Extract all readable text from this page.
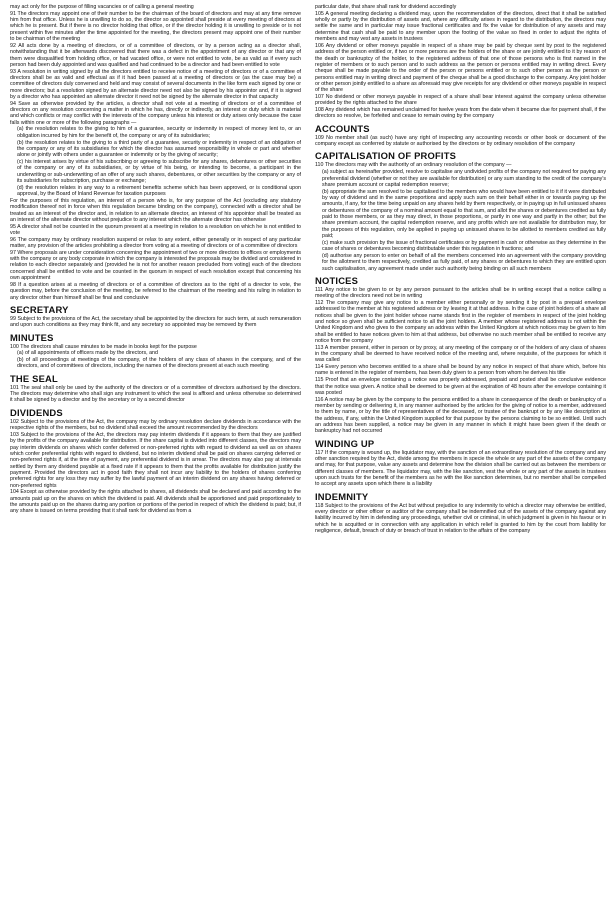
may act only for the purpose of filling vacancies or of calling a general meeting

91 The directors may appoint one of their number to be the chairman of the board of directors and may at any time remove him from that office. Unless he is unwilling to do so, the director so appointed shall preside at every meeting of directors at which he is present. But if there is no director holding that office, or if the director holding it is unwilling to preside or is not present within five minutes after the time appointed for the meeting, the directors present may appoint one of their number to be chairman of the meeting

92 All acts done by a meeting of directors, or of a committee of directors, or by a person acting as a director shall, notwithstanding that it be afterwards discovered that there was a defect in the appointment of any director or that any of them were disqualified from holding office, or had vacated office, or were not entitled to vote, be as valid as if every such person had been duly appointed and was qualified and had continued to be a director and had been entitled to vote

93 A resolution in writing signed by all the directors entitled to receive notice of a meeting of directors or of a committee of directors shall be as valid and effectual as if it had been passed at a meeting of directors or (as the case may be) a committee of directors duly convened and held and may consist of several documents in the like form each signed by one or more directors; but a resolution signed by an alternate director need not also be signed by his appointor and, if it is signed by a director who has appointed an alternate director it need not be signed by the alternate director in that capacity

94 Save as otherwise provided by the articles, a director shall not vote at a meeting of directors or of a committee of directors on any resolution concerning a matter in which he has, directly or indirectly, an interest or duty which is material and which conflicts or may conflict with the interests of the company unless his interest or duty arises only because the case falls within one or more of the following paragraphs —

(a) the resolution relates to the giving to him of a guarantee, security or indemnity in respect of money lent to, or an obligation incurred by him for the benefit of, the company or any of its subsidiaries;

(b) the resolution relates to the giving to a third party of a guarantee, security or indemnity in respect of an obligation of the company or any of its subsidiaries for which the director has assumed responsibility in whole or part and whether alone or jointly with others under a guarantee or indemnity or by the giving of security;

(c) his interest arises by virtue of his subscribing or agreeing to subscribe for any shares, debentures or other securities of the company or any of its subsidiaries, or by virtue of his being, or intending to become, a participant in the underwriting or sub-underwriting of an offer of any such shares, debentures, or other securities by the company or any of its subsidiaries for subscription, purchase or exchange;

(d) the resolution relates in any way to a retirement benefits scheme which has been approved, or is conditional upon approval, by the Board of Inland Revenue for taxation purposes

For the purposes of this regulation, an interest of a person who is, for any purpose of the Act (excluding any statutory modification thereof not in force when this regulation became binding on the company), connected with a director shall be treated as an interest of the director and, in relation to an alternate director, an interest of his appointor shall be treated as an interest of the alternate director without prejudice to any interest which the alternate director has otherwise

95 A director shall not be counted in the quorum present at a meeting in relation to a resolution on which he is not entitled to vote

96 The company may by ordinary resolution suspend or relax to any extent, either generally or in respect of any particular matter, any provision of the articles prohibiting a director from voting at a meeting of directors or of a committee of directors

97 Where proposals are under consideration concerning the appointment of two or more directors to offices or employments with the company or any body corporate in which the company is interested the proposals may be divided and considered in relation to each director separately and (provided he is not for another reason precluded from voting) each of the directors concerned shall be entitled to vote and be counted in the quorum in respect of each resolution except that concerning his own appointment

98 If a question arises at a meeting of directors or of a committee of directors as to the right of a director to vote, the question may, before the conclusion of the meeting, be referred to the chairman of the meeting and his ruling in relation to any director other than himself shall be final and conclusive

SECRETARY

99 Subject to the provisions of the Act, the secretary shall be appointed by the directors for such term, at such remuneration and upon such conditions as they may think fit, and any secretary so appointed may be removed by them

MINUTES

100 The directors shall cause minutes to be made in books kept for the purpose

(a) of all appointments of officers made by the directors, and

(b) of all proceedings at meetings of the company, of the holders of any class of shares in the company, and of the directors, and of committees of directors, including the names of the directors present at each such meeting

THE SEAL

101 The seal shall only be used by the authority of the directors or of a committee of directors authorised by the directors. The directors may determine who shall sign any instrument to which the seal is affixed and unless otherwise so determined it shall be signed by a director and by the secretary or by a second director

DIVIDENDS

102 Subject to the provisions of the Act, the company may by ordinary resolution declare dividends in accordance with the respective rights of the members, but no dividend shall exceed the amount recommended by the directors

103 Subject to the provisions of the Act, the directors may pay interim dividends if it appears to them that they are justified by the profits of the company available for distribution. If the share capital is divided into different classes, the directors may pay interim dividends on shares which confer deferred or non-preferred rights with regard to dividend as well as on shares which confer preferential rights with regard to dividend, but no interim dividend shall be paid on shares carrying deferred or non-preferred rights if, at the time of payment, any preferential dividend is in arrear. The directors may also pay at intervals settled by them any dividend payable at a fixed rate if it appears to them that the profits available for distribution justify the payment. Provided the directors act in good faith they shall not incur any liability to the holders of shares conferring preferred rights for any loss they may suffer by the lawful payment of an interim dividend on any shares having deferred or non-preferred rights

104 Except as otherwise provided by the rights attached to shares, all dividends shall be declared and paid according to the amounts paid up on the shares on which the dividend is paid. All dividends shall be apportioned and paid proportionately to the amounts paid up on the shares during any portion or portions of the period in respect of which the dividend is paid; but, if any share is issued on terms providing that it shall rank for dividend as from a

particular date, that share shall rank for dividend accordingly

105 A general meeting declaring a dividend may, upon the recommendation of the directors, direct that it shall be satisfied wholly or partly by the distribution of assets and, where any difficulty arises in regard to the distribution, the directors may settle the same and in particular may issue fractional certificates and fix the value for distribution of any assets and may determine that cash shall be paid to any member upon the footing of the value so fixed in order to adjust the rights of members and may vest any assets in trustees

106 Any dividend or other moneys payable in respect of a share may be paid by cheque sent by post to the registered address of the person entitled or, if two or more persons are the holders of the share or are jointly entitled to it by reason of the death or bankruptcy of the holder, to the registered address of that one of those persons who is first named in the register of members or to such person and to such address as the person or persons entitled may in writing direct. Every cheque shall be made payable to the order of the person or persons entitled or to such other person as the person or persons entitled may in writing direct and payment of the cheque shall be a good discharge to the company. Any joint holder or other person jointly entitled to a share as aforesaid may give receipts for any dividend or other moneys payable in respect of the share

107 No dividend or other moneys payable in respect of a share shall bear interest against the company unless otherwise provided by the rights attached to the share

108 Any dividend which has remained unclaimed for twelve years from the date when it became due for payment shall, if the directors so resolve, be forfeited and cease to remain owing by the company

ACCOUNTS

109 No member shall (as such) have any right of inspecting any accounting records or other book or document of the company except as conferred by statute or authorised by the directors or by ordinary resolution of the company

CAPITALISATION OF PROFITS

110 The directors may with the authority of an ordinary resolution of the company —

(a) subject as hereinafter provided, resolve to capitalise any undivided profits of the company not required for paying any preferential dividend (whether or not they are available for distribution) or any sum standing to the credit of the company's share premium account or capital redemption reserve;

(b) appropriate the sum resolved to be capitalised to the members who would have been entitled to it if it were distributed by way of dividend and in the same proportions and apply such sum on their behalf either in or towards paying up the amounts, if any, for the time being unpaid on any shares held by them respectively, or in paying up in full unissued shares or debentures of the company of a nominal amount equal to that sum, and allot the shares or debentures credited as fully paid to those members, or as they may direct, in those proportions, or partly in one way and partly in the other; but the share premium account, the capital redemption reserve, and any profits which are not available for distribution may, for the purposes of this regulation, only be applied in paying up unissued shares to be allotted to members credited as fully paid;

(c) make such provision by the issue of fractional certificates or by payment in cash or otherwise as they determine in the case of shares or debentures becoming distributable under this regulation in fractions; and

(d) authorise any person to enter on behalf of all the members concerned into an agreement with the company providing for the allotment to them respectively, credited as fully paid, of any shares or debentures to which they are entitled upon such capitalisation, any agreement made under such authority being binding on all such members

NOTICES

111 Any notice to be given to or by any person pursuant to the articles shall be in writing except that a notice calling a meeting of the directors need not be in writing

112 The company may give any notice to a member either personally or by sending it by post in a prepaid envelope addressed to the member at his registered address or by leaving it at that address. In the case of joint holders of a share all notices shall be given to the joint holder whose name stands first in the register of members in respect of the joint holding and notice so given shall be sufficient notice to all the joint holders. A member whose registered address is not within the United Kingdom and who gives to the company an address within the United Kingdom at which notices may be given to him shall be entitled to have notices given to him at that address, but otherwise no such member shall be entitled to receive any notice from the company

113 A member present, either in person or by proxy, at any meeting of the company or of the holders of any class of shares in the company shall be deemed to have received notice of the meeting and, where requisite, of the purposes for which it was called

114 Every person who becomes entitled to a share shall be bound by any notice in respect of that share which, before his name is entered in the register of members, has been duly given to a person from whom he derives his title

115 Proof that an envelope containing a notice was properly addressed, prepaid and posted shall be conclusive evidence that the notice was given. A notice shall be deemed to be given at the expiration of 48 hours after the envelope containing it was posted

116 A notice may be given by the company to the persons entitled to a share in consequence of the death or bankruptcy of a member by sending or delivering it, in any manner authorised by the articles for the giving of notice to a member, addressed to them by name, or by the title of representatives of the deceased, or trustee of the bankrupt or by any like description at the address, if any, within the United Kingdom supplied for that purpose by the persons claiming to be so entitled. Until such an address has been supplied, a notice may be given in any manner in which it might have been given if the death or bankruptcy had not occurred

WINDING UP

117 If the company is wound up, the liquidator may, with the sanction of an extraordinary resolution of the company and any other sanction required by the Act, divide among the members in specie the whole or any part of the assets of the company and may, for that purpose, value any assets and determine how the division shall be carried out as between the members or different classes of members. The liquidator may, with the like sanction, vest the whole or any part of the assets in trustees upon such trusts for the benefit of the members as he with the like sanction determines, but no member shall be compelled to accept any assets upon which there is a liability

INDEMNITY

118 Subject to the provisions of the Act but without prejudice to any indemnity to which a director may otherwise be entitled, every director or other officer or auditor of the company shall be indemnified out of the assets of the company against any liability incurred by him in defending any proceedings, whether civil or criminal, in which judgment is given in his favour or in which he is acquitted or in connection with any application in which relief is granted to him by the court from liability for negligence, default, breach of duty or breach of trust in relation to the affairs of the company
